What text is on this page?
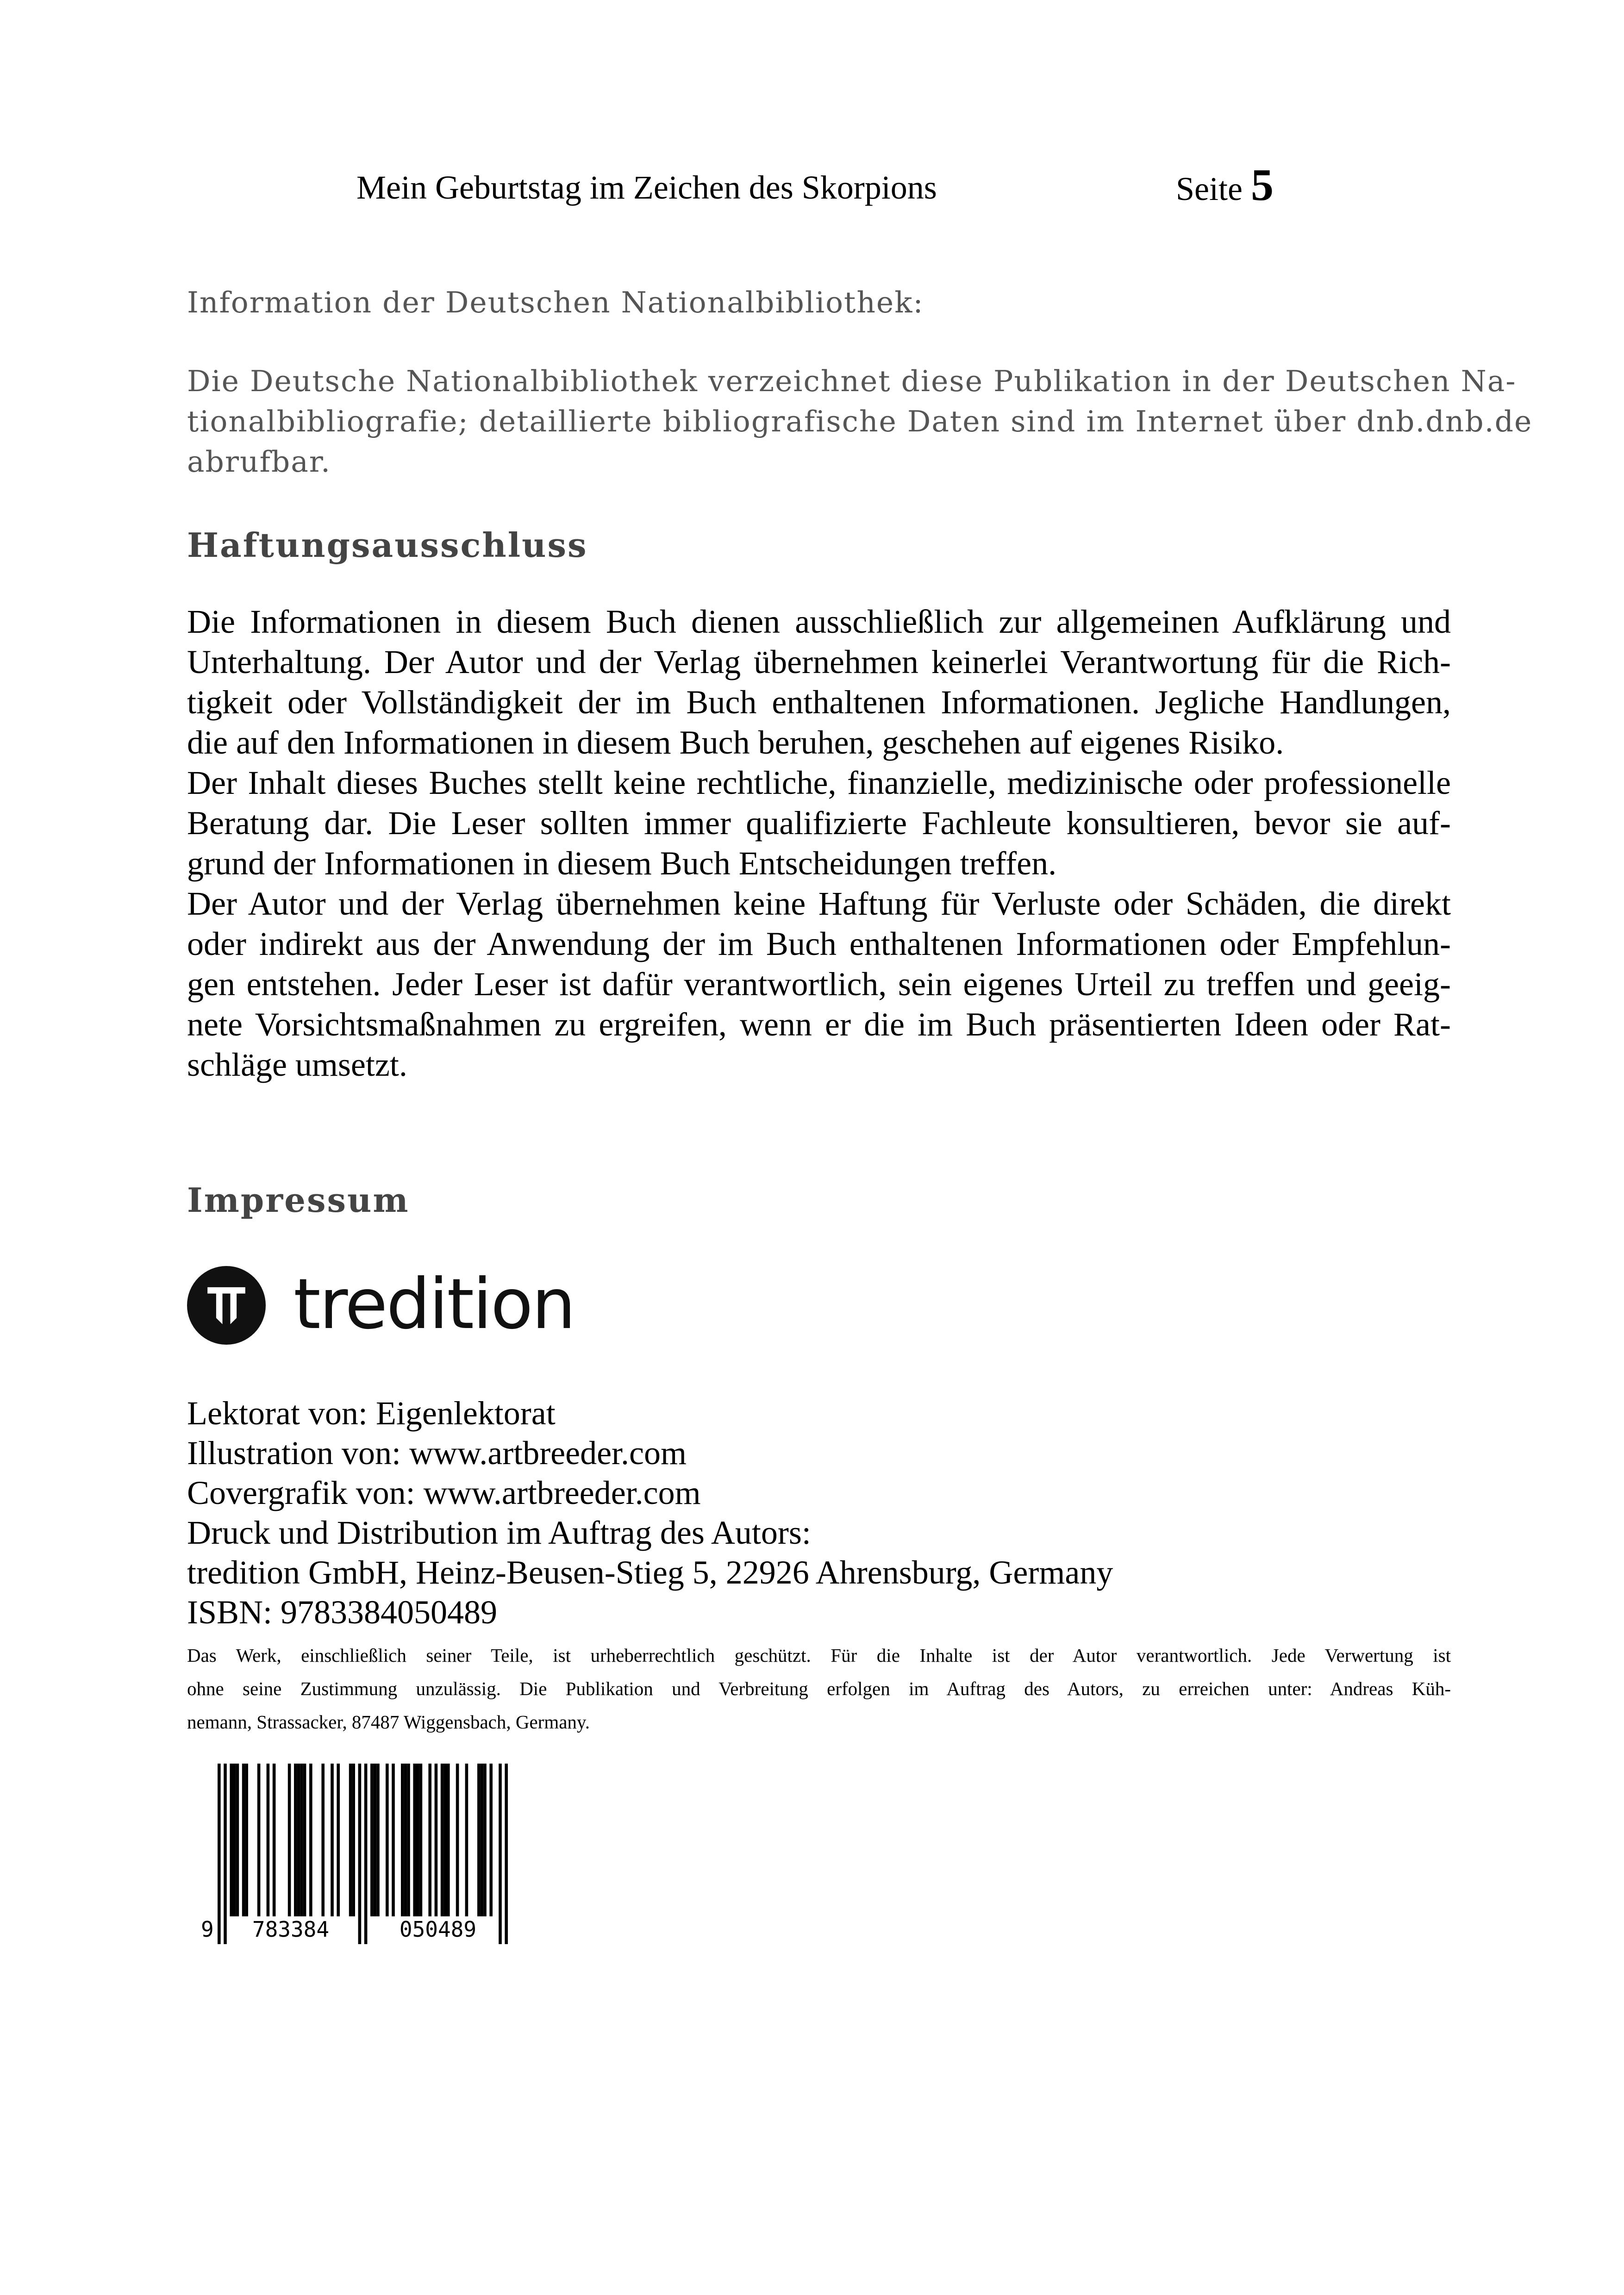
Mein Geburtstag im Zeichen des Skorpions	Seite 5
Information der Deutschen Nationalbibliothek:
Die Deutsche Nationalbibliothek verzeichnet diese Publikation in der Deutschen Na-
tionalbibliografie; detaillierte bibliografische Daten sind im Internet über dnb.dnb.de
abrufbar.
Haftungsausschluss
Die Informationen in diesem Buch dienen ausschließlich zur allgemeinen Aufklärung und
Unterhaltung. Der Autor und der Verlag übernehmen keinerlei Verantwortung für die Rich-
tigkeit oder Vollständigkeit der im Buch enthaltenen Informationen. Jegliche Handlungen,
die auf den Informationen in diesem Buch beruhen, geschehen auf eigenes Risiko.
Der Inhalt dieses Buches stellt keine rechtliche, finanzielle, medizinische oder professionelle
Beratung dar. Die Leser sollten immer qualifizierte Fachleute konsultieren, bevor sie auf-
grund der Informationen in diesem Buch Entscheidungen treffen.
Der Autor und der Verlag übernehmen keine Haftung für Verluste oder Schäden, die direkt
oder indirekt aus der Anwendung der im Buch enthaltenen Informationen oder Empfehlun-
gen entstehen. Jeder Leser ist dafür verantwortlich, sein eigenes Urteil zu treffen und geeig-
nete Vorsichtsmaßnahmen zu ergreifen, wenn er die im Buch präsentierten Ideen oder Rat-
schläge umsetzt.
Impressum
tredition
Lektorat von: Eigenlektorat
Illustration von: www.artbreeder.com
Covergrafik von: www.artbreeder.com
Druck und Distribution im Auftrag des Autors:
tredition GmbH, Heinz-Beusen-Stieg 5, 22926 Ahrensburg, Germany
ISBN: 9783384050489
Das Werk, einschließlich seiner Teile, ist urheberrechtlich geschützt. Für die Inhalte ist der Autor verantwortlich. Jede Verwertung ist
ohne seine Zustimmung unzulässig. Die Publikation und Verbreitung erfolgen im Auftrag des Autors, zu erreichen unter: Andreas Küh-
nemann, Strassacker, 87487 Wiggensbach, Germany.
9 783384	050489
